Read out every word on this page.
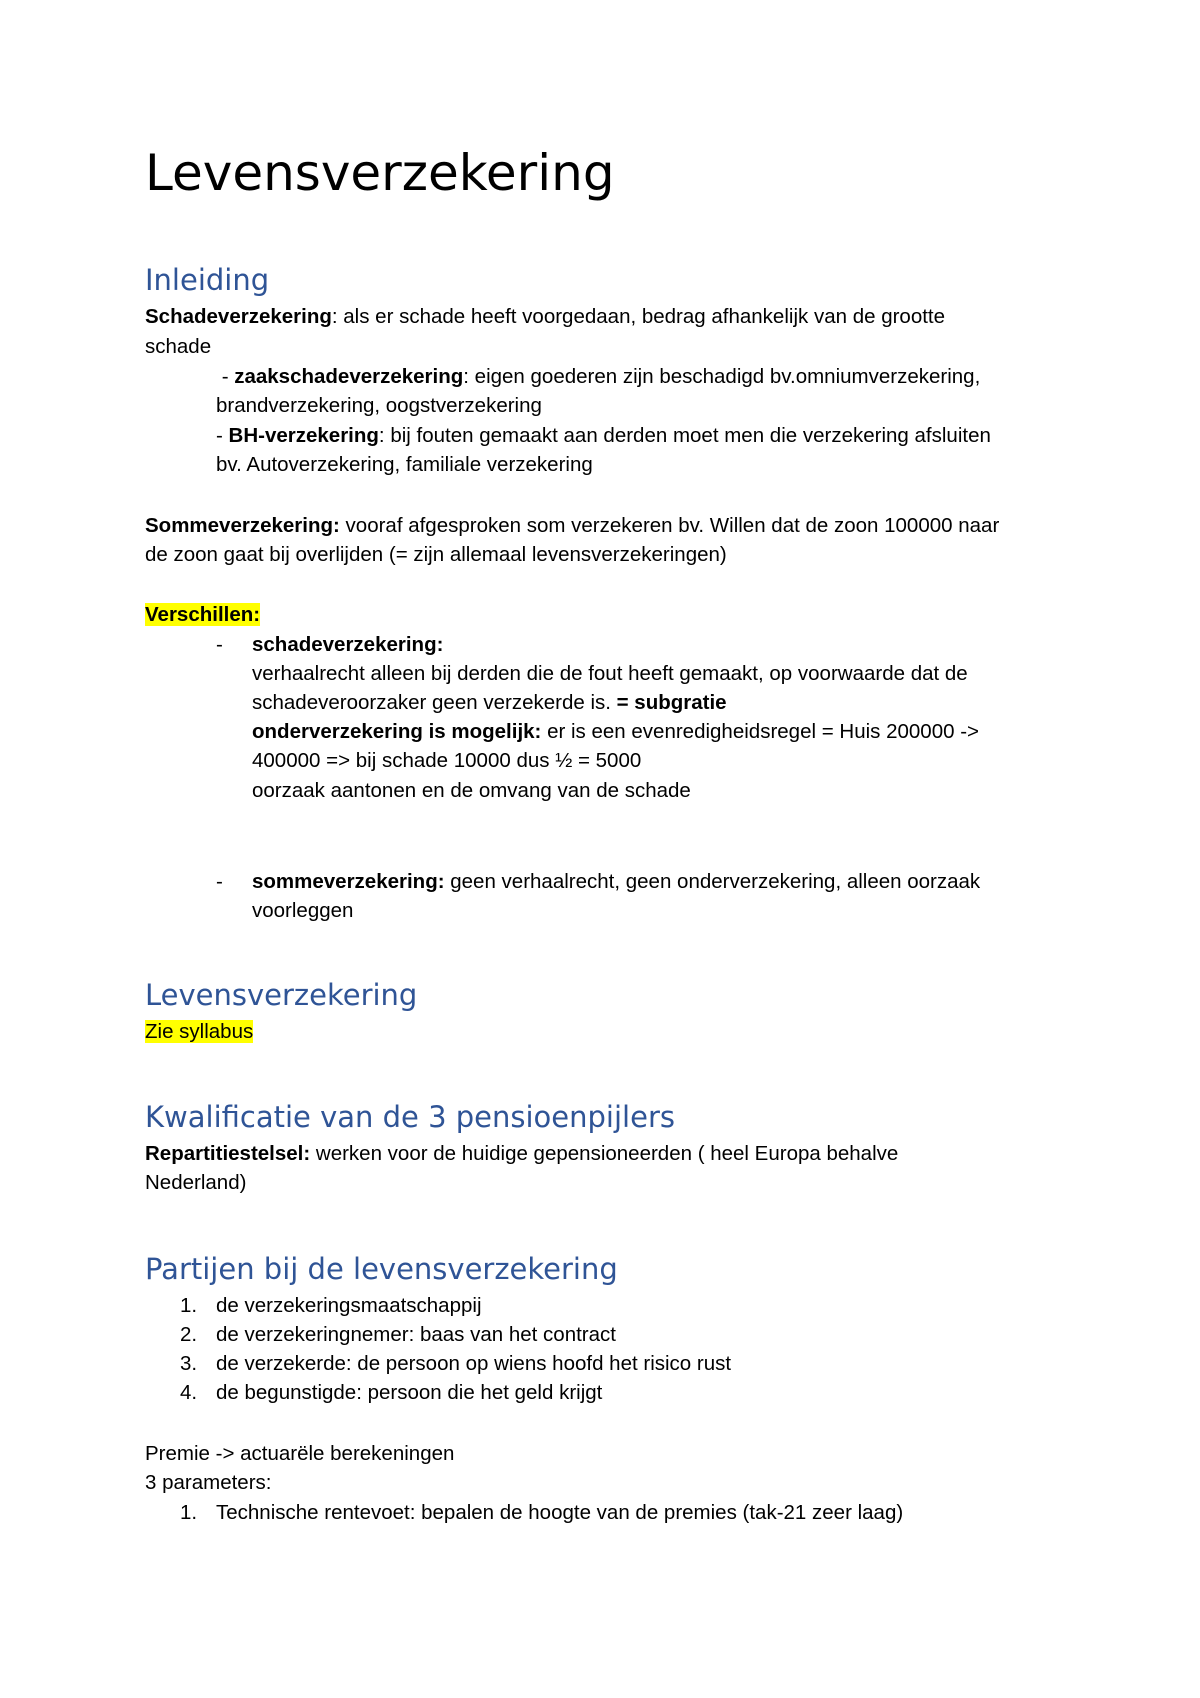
Levensverzekering
Inleiding
Schadeverzekering: als er schade heeft voorgedaan, bedrag afhankelijk van de grootte
schade
- zaakschadeverzekering: eigen goederen zijn beschadigd bv.omniumverzekering,
brandverzekering, oogstverzekering
- BH-verzekering: bij fouten gemaakt aan derden moet men die verzekering afsluiten
bv. Autoverzekering, familiale verzekering
Sommeverzekering: vooraf afgesproken som verzekeren bv. Willen dat de zoon 100000 naar
de zoon gaat bij overlijden (= zijn allemaal levensverzekeringen)
Verschillen:
- schadeverzekering:
verhaalrecht alleen bij derden die de fout heeft gemaakt, op voorwaarde dat de
schadeveroorzaker geen verzekerde is. = subgratie
onderverzekering is mogelijk: er is een evenredigheidsregel = Huis 200000 ->
400000 => bij schade 10000 dus ½ = 5000
oorzaak aantonen en de omvang van de schade
- sommeverzekering: geen verhaalrecht, geen onderverzekering, alleen oorzaak
voorleggen
Levensverzekering
Zie syllabus
Kwalificatie van de 3 pensioenpijlers
Repartitiestelsel: werken voor de huidige gepensioneerden ( heel Europa behalve
Nederland)
Partijen bij de levensverzekering
1. de verzekeringsmaatschappij
2. de verzekeringnemer: baas van het contract
3. de verzekerde: de persoon op wiens hoofd het risico rust
4. de begunstigde: persoon die het geld krijgt
Premie -> actuarële berekeningen
3 parameters:
1. Technische rentevoet: bepalen de hoogte van de premies (tak-21 zeer laag)
